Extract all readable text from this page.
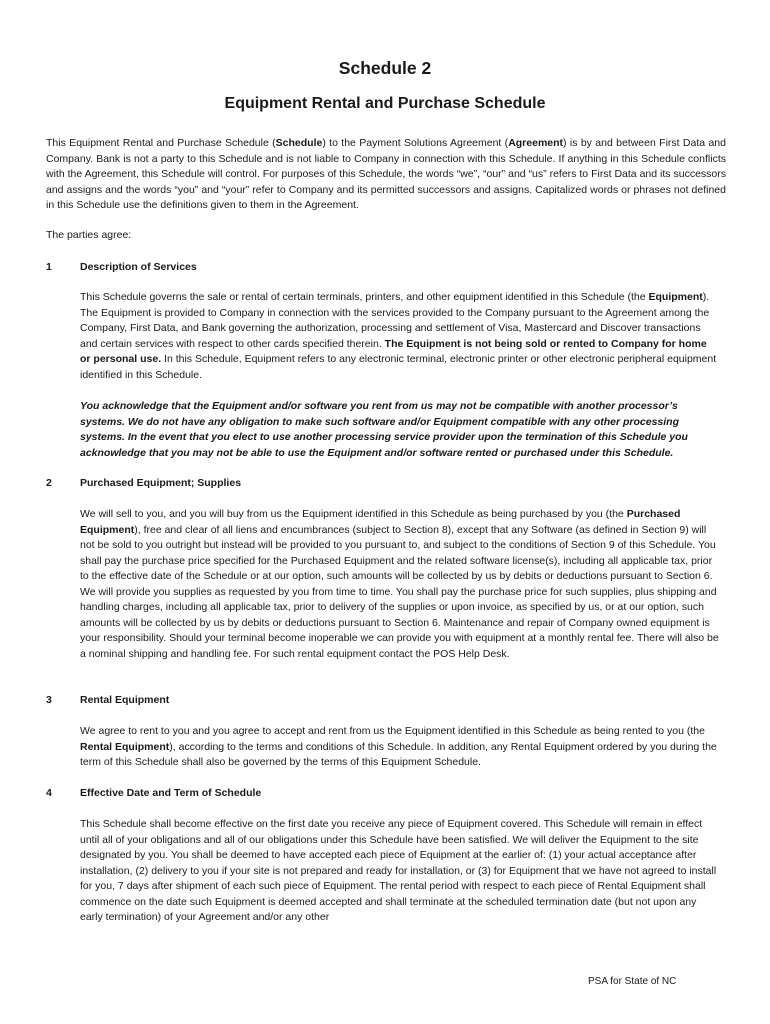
Schedule 2
Equipment Rental and Purchase Schedule
This Equipment Rental and Purchase Schedule (Schedule) to the Payment Solutions Agreement (Agreement) is by and between First Data and Company. Bank is not a party to this Schedule and is not liable to Company in connection with this Schedule. If anything in this Schedule conflicts with the Agreement, this Schedule will control. For purposes of this Schedule, the words “we”, “our” and “us” refers to First Data and its successors and assigns and the words “you” and “your” refer to Company and its permitted successors and assigns. Capitalized words or phrases not defined in this Schedule use the definitions given to them in the Agreement.
The parties agree:
1	Description of Services
This Schedule governs the sale or rental of certain terminals, printers, and other equipment identified in this Schedule (the Equipment). The Equipment is provided to Company in connection with the services provided to the Company pursuant to the Agreement among the Company, First Data, and Bank governing the authorization, processing and settlement of Visa, Mastercard and Discover transactions and certain services with respect to other cards specified therein. The Equipment is not being sold or rented to Company for home or personal use. In this Schedule, Equipment refers to any electronic terminal, electronic printer or other electronic peripheral equipment identified in this Schedule.
You acknowledge that the Equipment and/or software you rent from us may not be compatible with another processor’s systems. We do not have any obligation to make such software and/or Equipment compatible with any other processing systems. In the event that you elect to use another processing service provider upon the termination of this Schedule you acknowledge that you may not be able to use the Equipment and/or software rented or purchased under this Schedule.
2	Purchased Equipment; Supplies
We will sell to you, and you will buy from us the Equipment identified in this Schedule as being purchased by you (the Purchased Equipment), free and clear of all liens and encumbrances (subject to Section 8), except that any Software (as defined in Section 9) will not be sold to you outright but instead will be provided to you pursuant to, and subject to the conditions of Section 9 of this Schedule. You shall pay the purchase price specified for the Purchased Equipment and the related software license(s), including all applicable tax, prior to the effective date of the Schedule or at our option, such amounts will be collected by us by debits or deductions pursuant to Section 6. We will provide you supplies as requested by you from time to time. You shall pay the purchase price for such supplies, plus shipping and handling charges, including all applicable tax, prior to delivery of the supplies or upon invoice, as specified by us, or at our option, such amounts will be collected by us by debits or deductions pursuant to Section 6. Maintenance and repair of Company owned equipment is your responsibility. Should your terminal become inoperable we can provide you with equipment at a monthly rental fee. There will also be a nominal shipping and handling fee. For such rental equipment contact the POS Help Desk.
3	Rental Equipment
We agree to rent to you and you agree to accept and rent from us the Equipment identified in this Schedule as being rented to you (the Rental Equipment), according to the terms and conditions of this Schedule. In addition, any Rental Equipment ordered by you during the term of this Schedule shall also be governed by the terms of this Equipment Schedule.
4	Effective Date and Term of Schedule
This Schedule shall become effective on the first date you receive any piece of Equipment covered. This Schedule will remain in effect until all of your obligations and all of our obligations under this Schedule have been satisfied. We will deliver the Equipment to the site designated by you. You shall be deemed to have accepted each piece of Equipment at the earlier of: (1) your actual acceptance after installation, (2) delivery to you if your site is not prepared and ready for installation, or (3) for Equipment that we have not agreed to install for you, 7 days after shipment of each such piece of Equipment. The rental period with respect to each piece of Rental Equipment shall commence on the date such Equipment is deemed accepted and shall terminate at the scheduled termination date (but not upon any early termination) of your Agreement and/or any other
PSA for State of NC
